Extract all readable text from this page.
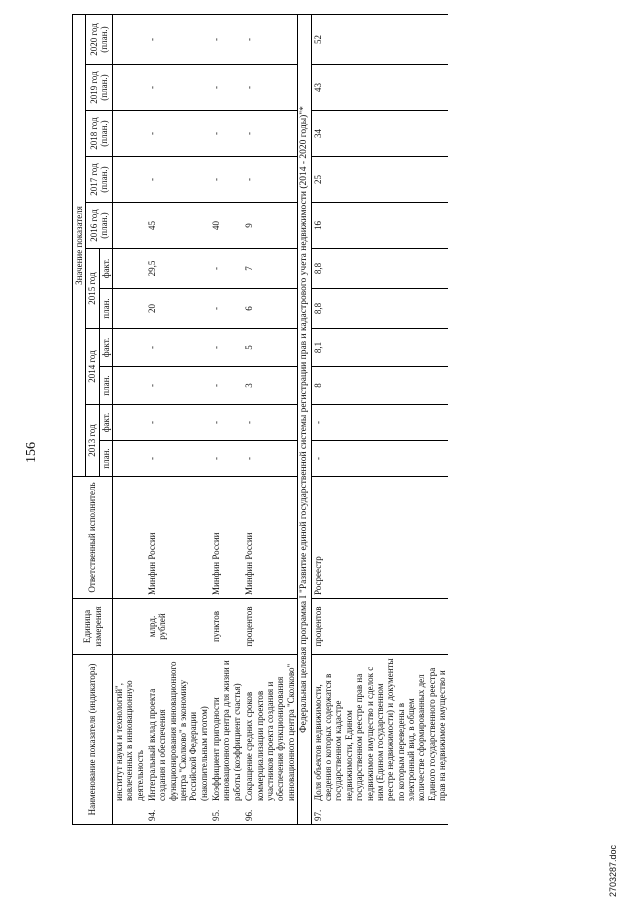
156
Наименование показателя (индикатора)	Единица измерения	Ответственный исполнитель	Значение показателя										
			2013 год		2014 год		2015 год		2016 год (план.)	2017 год (план.)	2018 год (план.)	2019 год (план.)	2020 год (план.)
			план.	факт.	план.	факт.	план.	факт.					

институт науки и технологий", вовлеченных в инновационную деятельность													

94.
Интегральный вклад проекта создания и обеспечения функционирования инновационного центра "Сколково" в экономику Российской Федерации (накопительным итогом)	млрд. рублей	Минфин России	-	-	-	-	20	29,5	45	-	-	-	-

95.
Коэффициент пригодности инновационного центра для жизни и работы (коэффициент счастья)	пунктов	Минфин России	-	-	-	-	-	-	40	-	-	-	-

96.
Сокращение средних сроков коммерциализации проектов участников проекта создания и обеспечения функционирования инновационного центра "Сколково"	процентов	Минфин России	-	-	3	5	6	7	9	-	-	-	-
Федеральная целевая программа I "Развитие единой государственной системы регистрации прав и кадастрового учета недвижимости (2014 - 2020 годы)"*													

97.
Доля объектов недвижимости, сведения о которых содержатся в государственном кадастре недвижимости, Едином государственном реестре прав на недвижимое имущество и сделок с ним (Едином государственном реестре недвижимости) и документы по которым переведены в электронный вид, в общем количестве сформированных дел Единого государственного реестра прав на недвижимое имущество и	процентов	Росреестр	-	-	8	8,1	8,8	8,8	16	25	34	43	52
2703287.doc
